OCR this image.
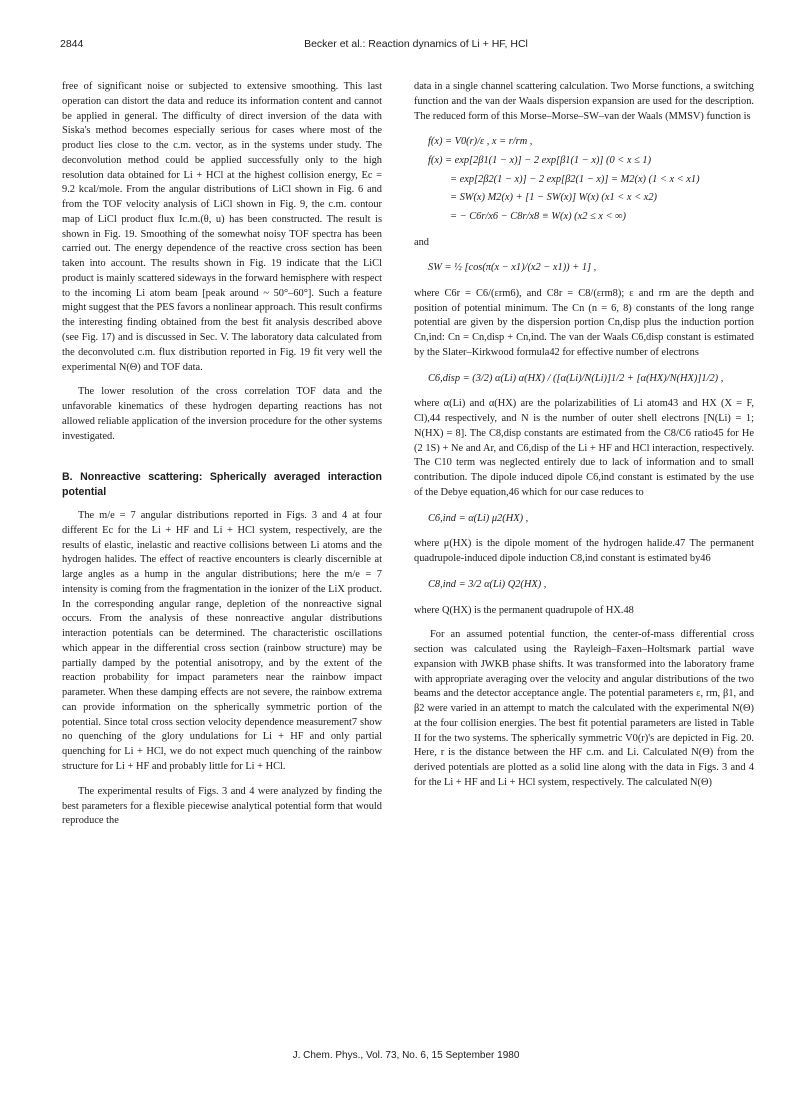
2844	Becker et al.: Reaction dynamics of Li + HF, HCl

free of significant noise or subjected to extensive smoothing. This last operation can distort the data and reduce its information content and cannot be applied in general. The difficulty of direct inversion of the data with Siska's method becomes especially serious for cases where most of the product lies close to the c.m. vector, as in the systems under study. The deconvolution method could be applied successfully only to the high resolution data obtained for Li + HCl at the highest collision energy, Ec = 9.2 kcal/mole. From the angular distributions of LiCl shown in Fig. 6 and from the TOF velocity analysis of LiCl shown in Fig. 9, the c.m. contour map of LiCl product flux Ic.m.(θ, u) has been constructed. The result is shown in Fig. 19. Smoothing of the somewhat noisy TOF spectra has been carried out. The energy dependence of the reactive cross section has been taken into account. The results shown in Fig. 19 indicate that the LiCl product is mainly scattered sideways in the forward hemisphere with respect to the incoming Li atom beam [peak around ~ 50°–60°]. Such a feature might suggest that the PES favors a nonlinear approach. This result confirms the interesting finding obtained from the best fit analysis described above (see Fig. 17) and is discussed in Sec. V. The laboratory data calculated from the deconvoluted c.m. flux distribution reported in Fig. 19 fit very well the experimental N(Θ) and TOF data.

The lower resolution of the cross correlation TOF data and the unfavorable kinematics of these hydrogen departing reactions has not allowed reliable application of the inversion procedure for the other systems investigated.

B. Nonreactive scattering: Spherically averaged interaction potential

The m/e = 7 angular distributions reported in Figs. 3 and 4 at four different Ec for the Li + HF and Li + HCl system, respectively, are the results of elastic, inelastic and reactive collisions between Li atoms and the hydrogen halides. The effect of reactive encounters is clearly discernible at large angles as a hump in the angular distributions; here the m/e = 7 intensity is coming from the fragmentation in the ionizer of the LiX product. In the corresponding angular range, depletion of the nonreactive signal occurs. From the analysis of these nonreactive angular distributions interaction potentials can be determined. The characteristic oscillations which appear in the differential cross section (rainbow structure) may be partially damped by the potential anisotropy, and by the extent of the reaction probability for impact parameters near the rainbow impact parameter. When these damping effects are not severe, the rainbow extrema can provide information on the spherically symmetric portion of the potential. Since total cross section velocity dependence measurement7 show no quenching of the glory undulations for Li + HF and only partial quenching for Li + HCl, we do not expect much quenching of the rainbow structure for Li + HF and probably little for Li + HCl.

The experimental results of Figs. 3 and 4 were analyzed by finding the best parameters for a flexible piecewise analytical potential form that would reproduce the

data in a single channel scattering calculation. Two Morse functions, a switching function and the van der Waals dispersion expansion are used for the description. The reduced form of this Morse–Morse–SW–van der Waals (MMSV) function is

f(x) = V0(r)/ε , x = r/rm ,
f(x) = exp[2β1(1 − x)] − 2 exp[β1(1 − x)] (0 < x ≤ 1)
= exp[2β2(1 − x)] − 2 exp[β2(1 − x)] = M2(x) (1 < x < x1)
= SW(x) M2(x) + [1 − SW(x)] W(x) (x1 < x < x2)
= − C6r/x6 − C8r/x8 ≡ W(x) (x2 ≤ x < ∞)

and

SW = ½ [cos(π(x − x1)/(x2 − x1)) + 1] ,

where C6r = C6/(εrm6), and C8r = C8/(εrm8); ε and rm are the depth and position of potential minimum. The Cn (n = 6, 8) constants of the long range potential are given by the dispersion portion Cn,disp plus the induction portion Cn,ind: Cn = Cn,disp + Cn,ind. The van der Waals C6,disp constant is estimated by the Slater–Kirkwood formula42 for effective number of electrons

C6,disp = (3/2) α(Li) α(HX) / ([α(Li)/N(Li)]1/2 + [α(HX)/N(HX)]1/2) ,

where α(Li) and α(HX) are the polarizabilities of Li atom43 and HX (X = F, Cl),44 respectively, and N is the number of outer shell electrons [N(Li) = 1; N(HX) = 8]. The C8,disp constants are estimated from the C8/C6 ratio45 for He (2 1S) + Ne and Ar, and C6,disp of the Li + HF and HCl interaction, respectively. The C10 term was neglected entirely due to lack of information and to small contribution. The dipole induced dipole C6,ind constant is estimated by the use of the Debye equation,46 which for our case reduces to

C6,ind = α(Li) μ2(HX) ,

where μ(HX) is the dipole moment of the hydrogen halide.47 The permanent quadrupole-induced dipole induction C8,ind constant is estimated by46

C8,ind = 3/2 α(Li) Q2(HX) ,

where Q(HX) is the permanent quadrupole of HX.48

For an assumed potential function, the center-of-mass differential cross section was calculated using the Rayleigh–Faxen–Holtsmark partial wave expansion with JWKB phase shifts. It was transformed into the laboratory frame with appropriate averaging over the velocity and angular distributions of the two beams and the detector acceptance angle. The potential parameters ε, rm, β1, and β2 were varied in an attempt to match the calculated with the experimental N(Θ) at the four collision energies. The best fit potential parameters are listed in Table II for the two systems. The spherically symmetric V0(r)'s are depicted in Fig. 20. Here, r is the distance between the HF c.m. and Li. Calculated N(Θ) from the derived potentials are plotted as a solid line along with the data in Figs. 3 and 4 for the Li + HF and Li + HCl system, respectively. The calculated N(Θ)

J. Chem. Phys., Vol. 73, No. 6, 15 September 1980
